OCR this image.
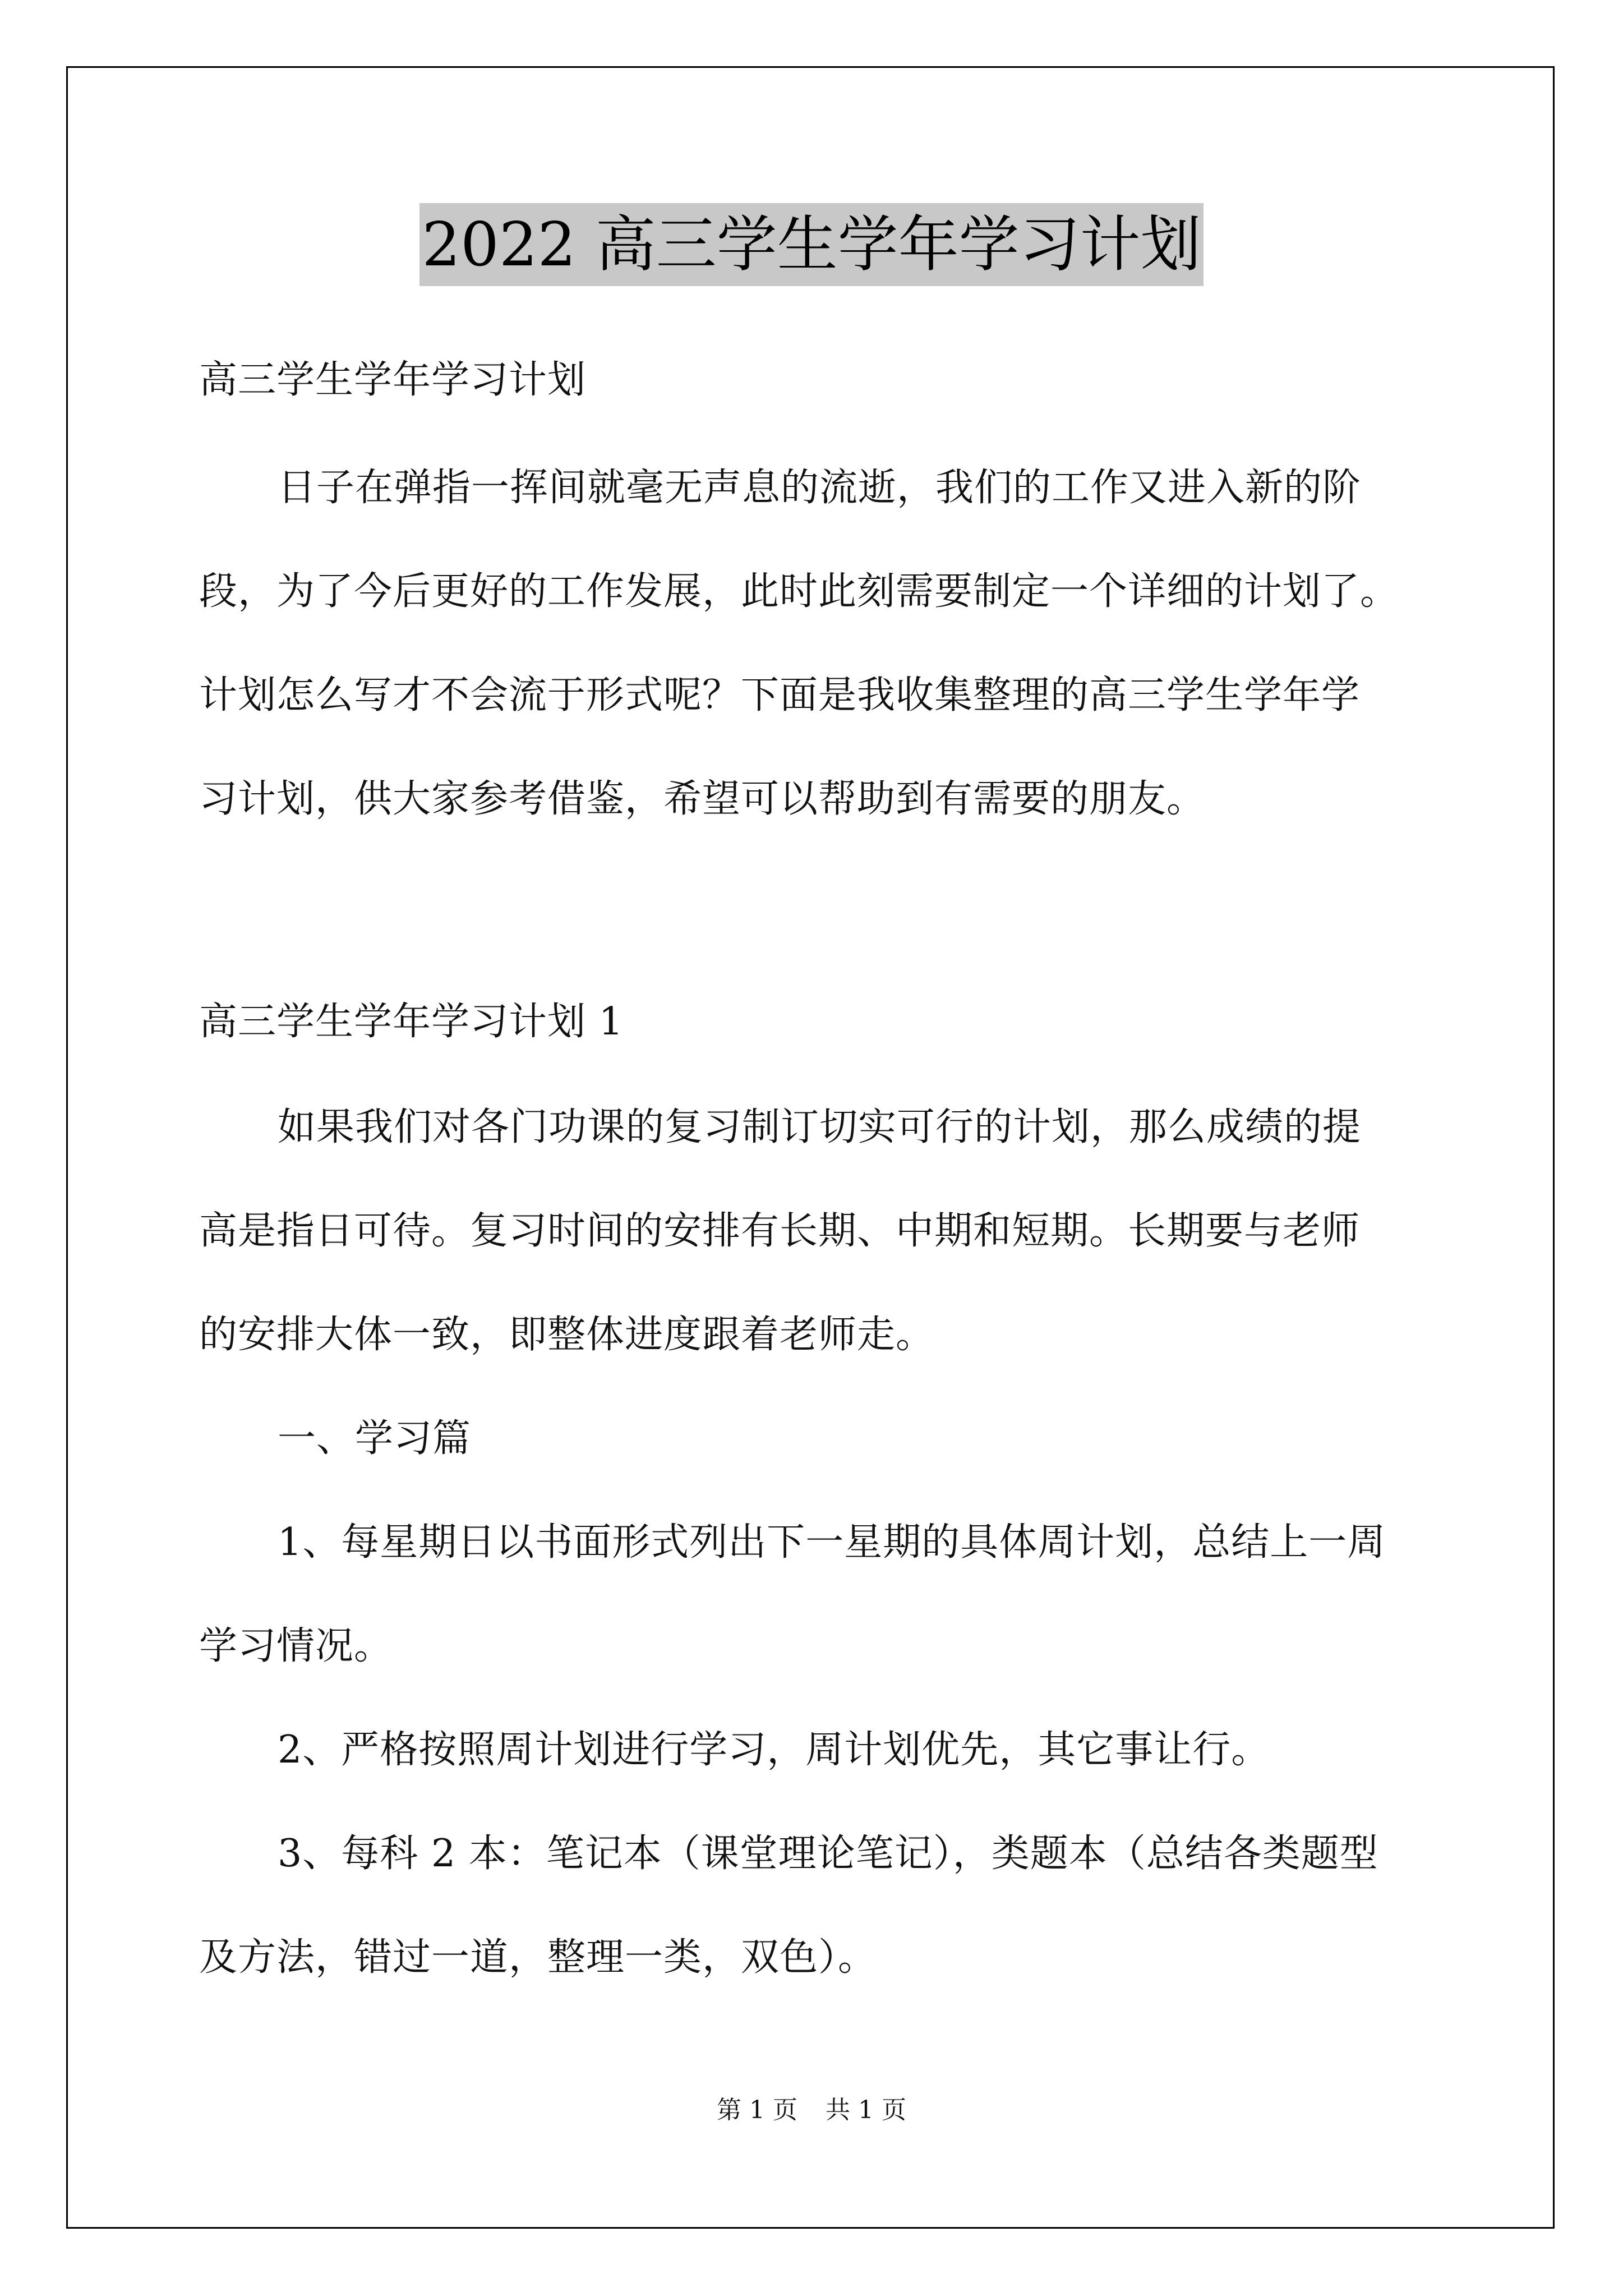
2022 高三学生学年学习计划
高三学生学年学习计划
日子在弹指一挥间就毫无声息的流逝，我们的工作又进入新的阶
段，为了今后更好的工作发展，此时此刻需要制定一个详细的计划了。
计划怎么写才不会流于形式呢？下面是我收集整理的高三学生学年学
习计划，供大家参考借鉴，希望可以帮助到有需要的朋友。
高三学生学年学习计划 1
如果我们对各门功课的复习制订切实可行的计划，那么成绩的提
高是指日可待。复习时间的安排有长期、中期和短期。长期要与老师
的安排大体一致，即整体进度跟着老师走。
一、学习篇
1、每星期日以书面形式列出下一星期的具体周计划，总结上一周
学习情况。
2、严格按照周计划进行学习，周计划优先，其它事让行。
3、每科 2 本：笔记本（课堂理论笔记），类题本（总结各类题型
及方法，错过一道，整理一类，双色）。
第 1 页 共 1 页
